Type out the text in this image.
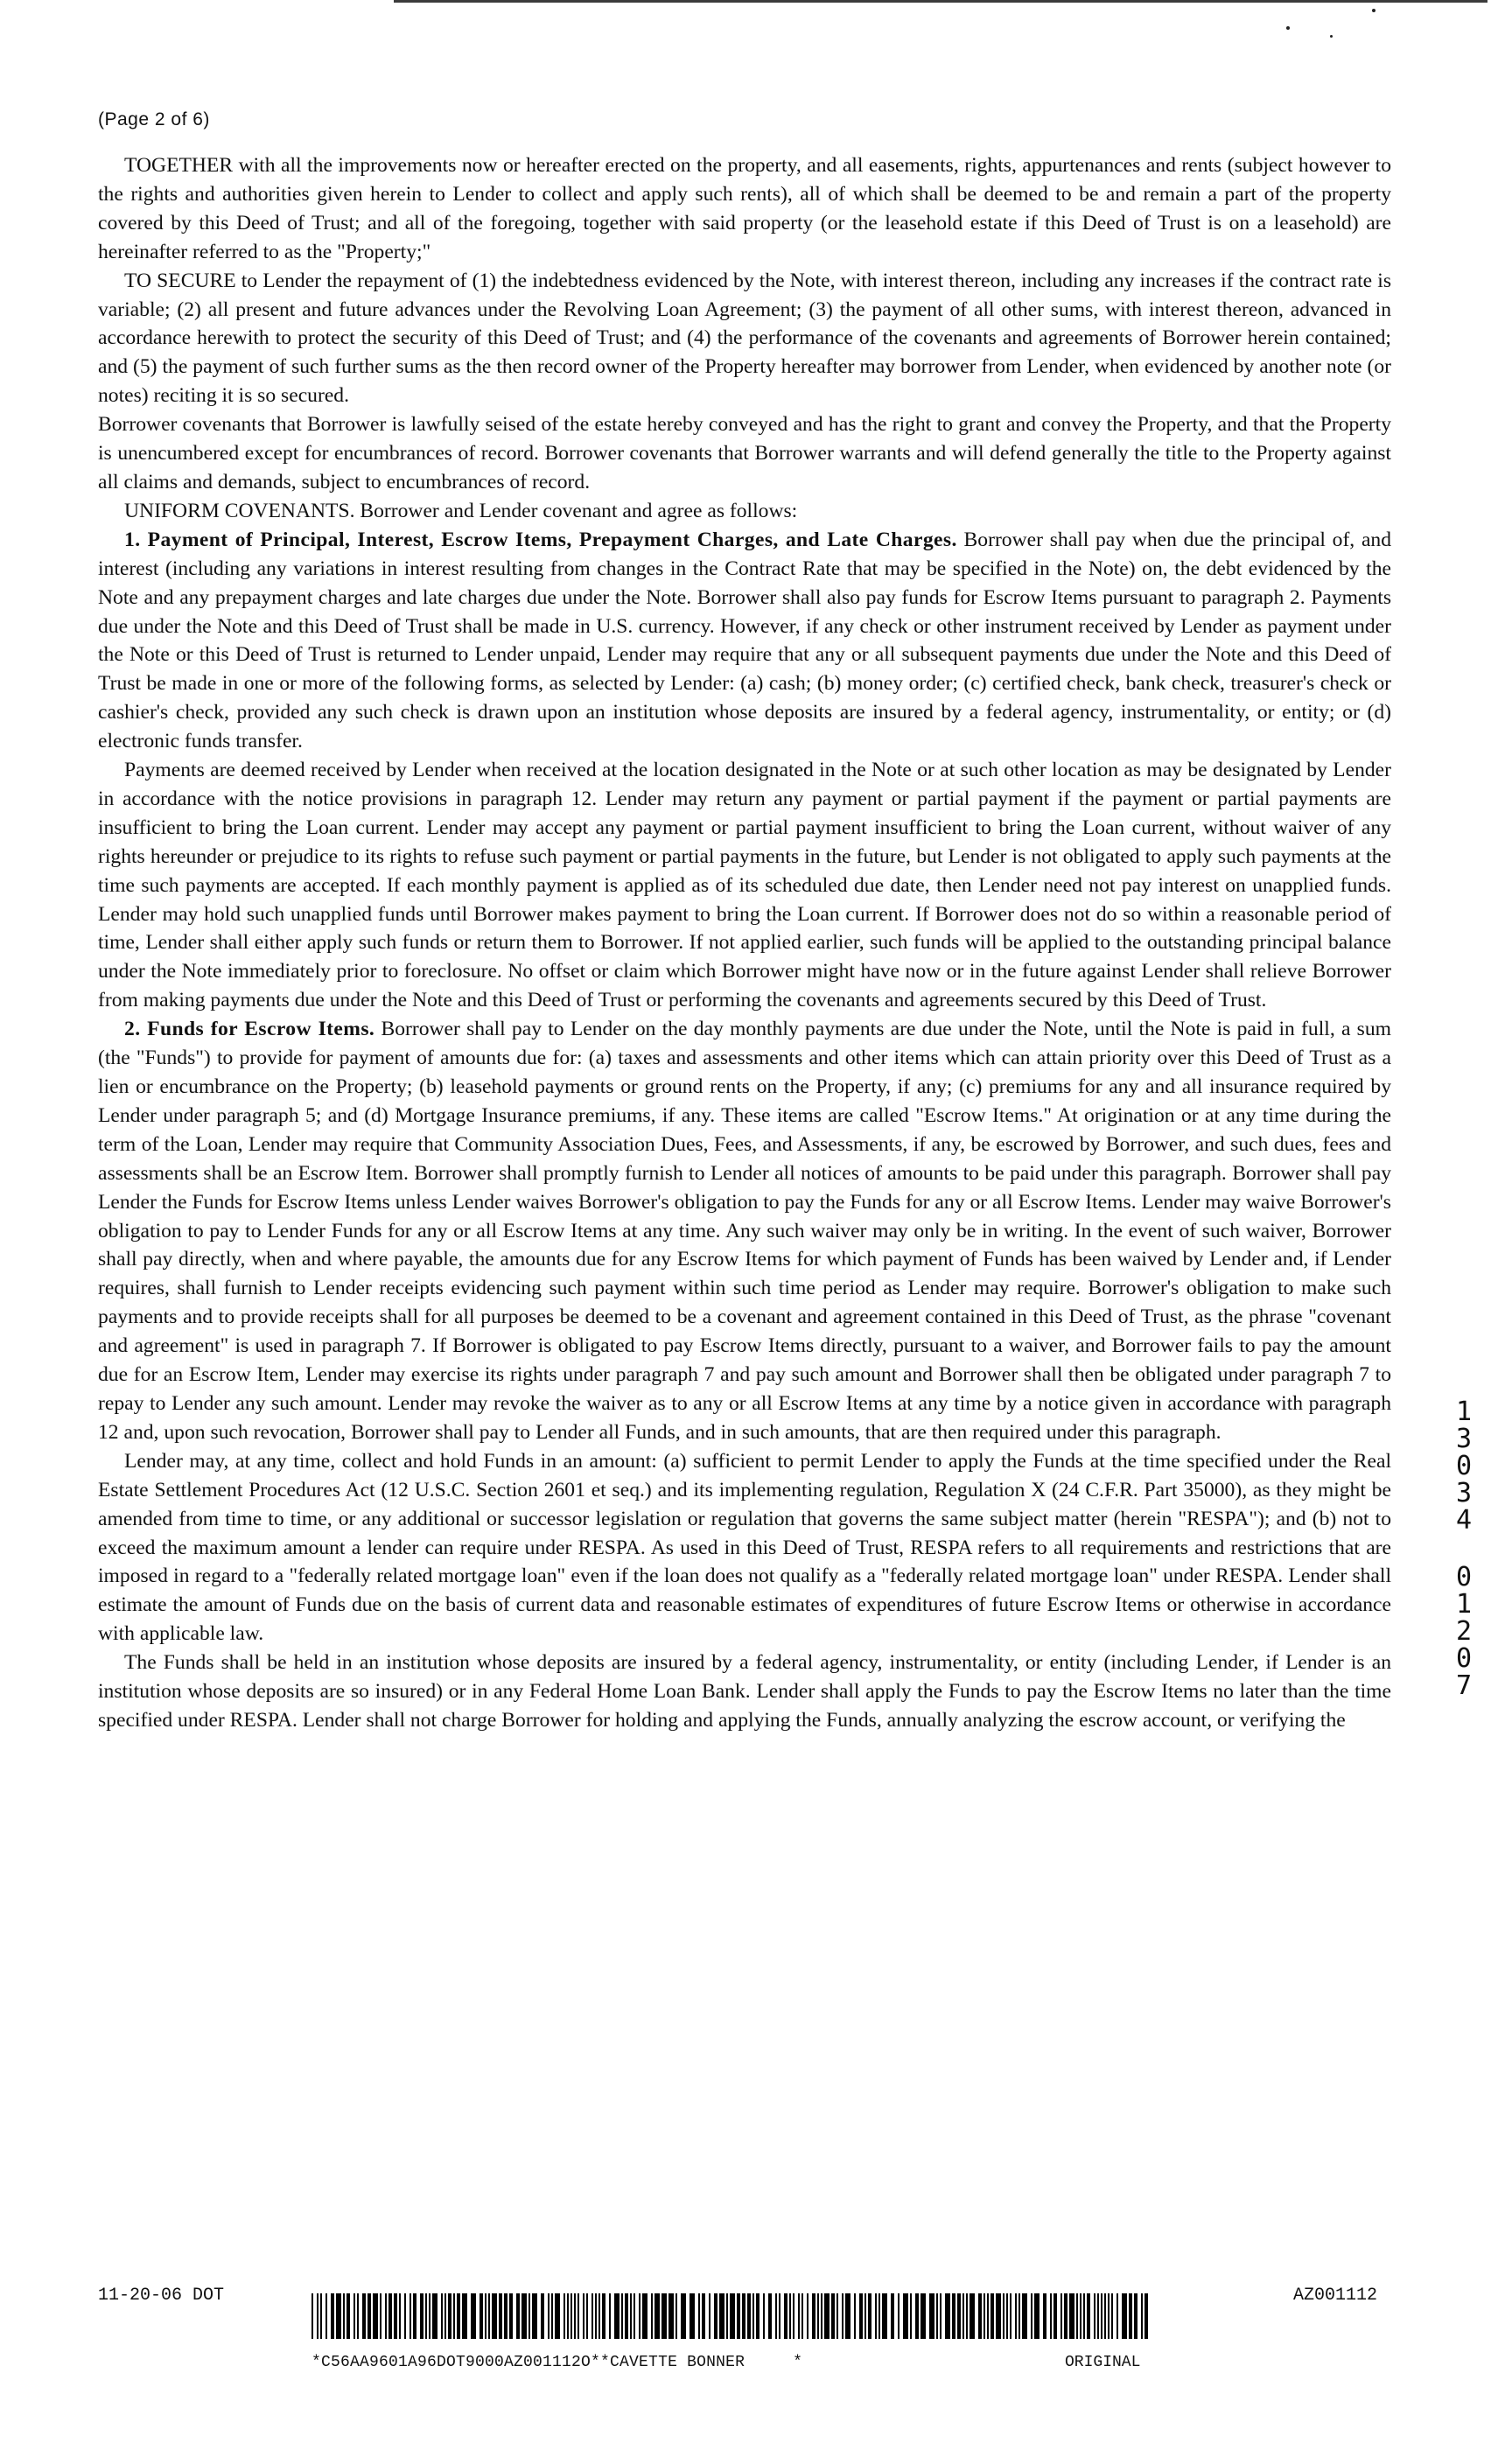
(Page 2 of 6)

TOGETHER with all the improvements now or hereafter erected on the property, and all easements, rights, appurtenances and rents (subject however to the rights and authorities given herein to Lender to collect and apply such rents), all of which shall be deemed to be and remain a part of the property covered by this Deed of Trust; and all of the foregoing, together with said property (or the leasehold estate if this Deed of Trust is on a leasehold) are hereinafter referred to as the "Property;"

TO SECURE to Lender the repayment of (1) the indebtedness evidenced by the Note, with interest thereon, including any increases if the contract rate is variable; (2) all present and future advances under the Revolving Loan Agreement; (3) the payment of all other sums, with interest thereon, advanced in accordance herewith to protect the security of this Deed of Trust; and (4) the performance of the covenants and agreements of Borrower herein contained; and (5) the payment of such further sums as the then record owner of the Property hereafter may borrower from Lender, when evidenced by another note (or notes) reciting it is so secured.

Borrower covenants that Borrower is lawfully seised of the estate hereby conveyed and has the right to grant and convey the Property, and that the Property is unencumbered except for encumbrances of record. Borrower covenants that Borrower warrants and will defend generally the title to the Property against all claims and demands, subject to encumbrances of record.

UNIFORM COVENANTS. Borrower and Lender covenant and agree as follows:

1. Payment of Principal, Interest, Escrow Items, Prepayment Charges, and Late Charges. Borrower shall pay when due the principal of, and interest (including any variations in interest resulting from changes in the Contract Rate that may be specified in the Note) on, the debt evidenced by the Note and any prepayment charges and late charges due under the Note. Borrower shall also pay funds for Escrow Items pursuant to paragraph 2. Payments due under the Note and this Deed of Trust shall be made in U.S. currency. However, if any check or other instrument received by Lender as payment under the Note or this Deed of Trust is returned to Lender unpaid, Lender may require that any or all subsequent payments due under the Note and this Deed of Trust be made in one or more of the following forms, as selected by Lender: (a) cash; (b) money order; (c) certified check, bank check, treasurer's check or cashier's check, provided any such check is drawn upon an institution whose deposits are insured by a federal agency, instrumentality, or entity; or (d) electronic funds transfer.

Payments are deemed received by Lender when received at the location designated in the Note or at such other location as may be designated by Lender in accordance with the notice provisions in paragraph 12. Lender may return any payment or partial payment if the payment or partial payments are insufficient to bring the Loan current. Lender may accept any payment or partial payment insufficient to bring the Loan current, without waiver of any rights hereunder or prejudice to its rights to refuse such payment or partial payments in the future, but Lender is not obligated to apply such payments at the time such payments are accepted. If each monthly payment is applied as of its scheduled due date, then Lender need not pay interest on unapplied funds. Lender may hold such unapplied funds until Borrower makes payment to bring the Loan current. If Borrower does not do so within a reasonable period of time, Lender shall either apply such funds or return them to Borrower. If not applied earlier, such funds will be applied to the outstanding principal balance under the Note immediately prior to foreclosure. No offset or claim which Borrower might have now or in the future against Lender shall relieve Borrower from making payments due under the Note and this Deed of Trust or performing the covenants and agreements secured by this Deed of Trust.

2. Funds for Escrow Items. Borrower shall pay to Lender on the day monthly payments are due under the Note, until the Note is paid in full, a sum (the "Funds") to provide for payment of amounts due for: (a) taxes and assessments and other items which can attain priority over this Deed of Trust as a lien or encumbrance on the Property; (b) leasehold payments or ground rents on the Property, if any; (c) premiums for any and all insurance required by Lender under paragraph 5; and (d) Mortgage Insurance premiums, if any. These items are called "Escrow Items." At origination or at any time during the term of the Loan, Lender may require that Community Association Dues, Fees, and Assessments, if any, be escrowed by Borrower, and such dues, fees and assessments shall be an Escrow Item. Borrower shall promptly furnish to Lender all notices of amounts to be paid under this paragraph. Borrower shall pay Lender the Funds for Escrow Items unless Lender waives Borrower's obligation to pay the Funds for any or all Escrow Items. Lender may waive Borrower's obligation to pay to Lender Funds for any or all Escrow Items at any time. Any such waiver may only be in writing. In the event of such waiver, Borrower shall pay directly, when and where payable, the amounts due for any Escrow Items for which payment of Funds has been waived by Lender and, if Lender requires, shall furnish to Lender receipts evidencing such payment within such time period as Lender may require. Borrower's obligation to make such payments and to provide receipts shall for all purposes be deemed to be a covenant and agreement contained in this Deed of Trust, as the phrase "covenant and agreement" is used in paragraph 7. If Borrower is obligated to pay Escrow Items directly, pursuant to a waiver, and Borrower fails to pay the amount due for an Escrow Item, Lender may exercise its rights under paragraph 7 and pay such amount and Borrower shall then be obligated under paragraph 7 to repay to Lender any such amount. Lender may revoke the waiver as to any or all Escrow Items at any time by a notice given in accordance with paragraph 12 and, upon such revocation, Borrower shall pay to Lender all Funds, and in such amounts, that are then required under this paragraph.

Lender may, at any time, collect and hold Funds in an amount: (a) sufficient to permit Lender to apply the Funds at the time specified under the Real Estate Settlement Procedures Act (12 U.S.C. Section 2601 et seq.) and its implementing regulation, Regulation X (24 C.F.R. Part 35000), as they might be amended from time to time, or any additional or successor legislation or regulation that governs the same subject matter (herein "RESPA"); and (b) not to exceed the maximum amount a lender can require under RESPA. As used in this Deed of Trust, RESPA refers to all requirements and restrictions that are imposed in regard to a "federally related mortgage loan" even if the loan does not qualify as a "federally related mortgage loan" under RESPA. Lender shall estimate the amount of Funds due on the basis of current data and reasonable estimates of expenditures of future Escrow Items or otherwise in accordance with applicable law.

The Funds shall be held in an institution whose deposits are insured by a federal agency, instrumentality, or entity (including Lender, if Lender is an institution whose deposits are so insured) or in any Federal Home Loan Bank. Lender shall apply the Funds to pay the Escrow Items no later than the time specified under RESPA. Lender shall not charge Borrower for holding and applying the Funds, annually analyzing the escrow account, or verifying the

1
3
0
3
4
0
1
2
0
7
11-20-06 DOT	AZ001112
*C56AA9601A96DOT9000AZ001112O**CAVETTE BONNER     *	ORIGINAL
